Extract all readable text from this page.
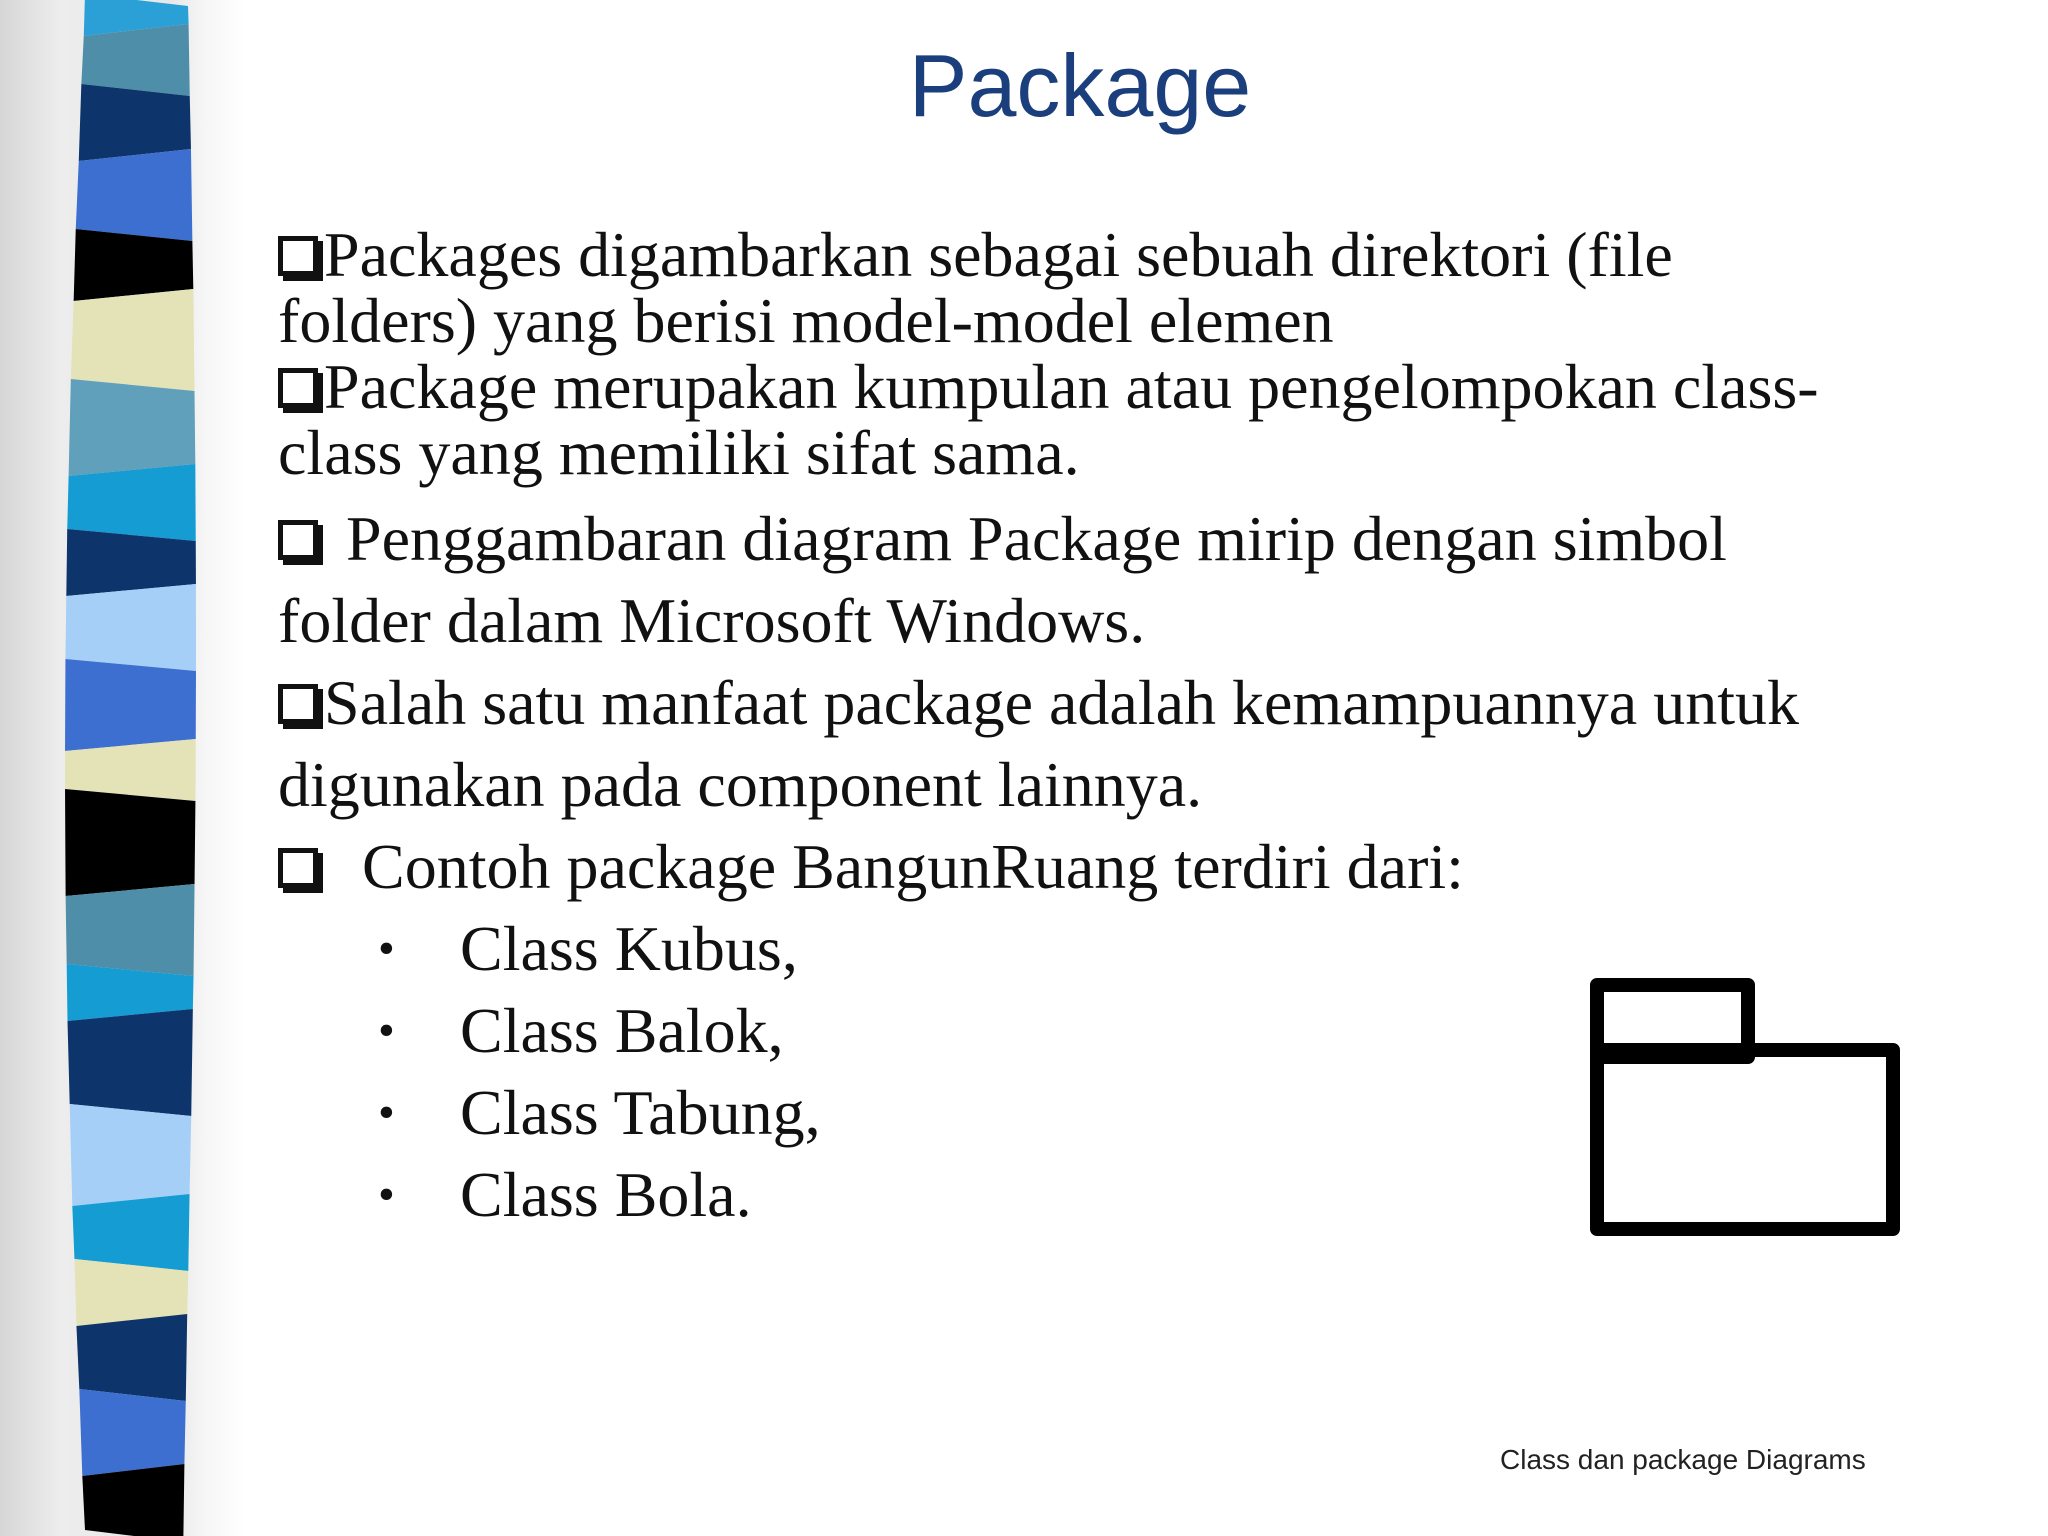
Package

Packages digambarkan sebagai sebuah direktori (file folders) yang berisi model-model elemen

Package merupakan kumpulan atau pengelompokan class-class yang memiliki sifat sama.

Penggambaran diagram Package mirip dengan simbol folder dalam Microsoft Windows.

Salah satu manfaat package adalah kemampuannya untuk digunakan pada component lainnya.

Contoh package BangunRuang terdiri dari:

• Class Kubus,
• Class Balok,
• Class Tabung,
• Class Bola.
Class dan package Diagrams
